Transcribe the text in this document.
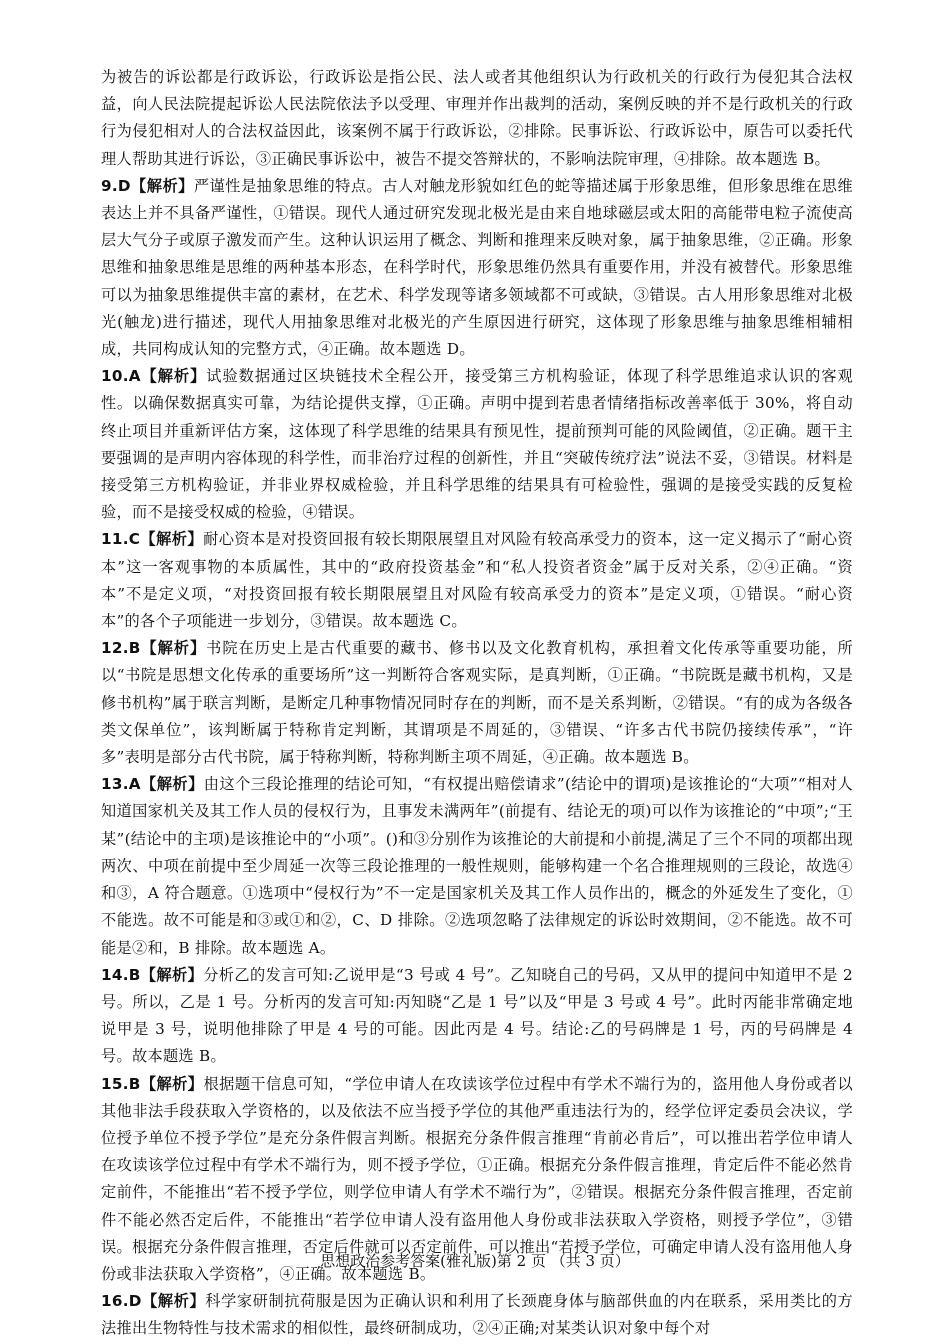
为被告的诉讼都是行政诉讼，行政诉讼是指公民、法人或者其他组织认为行政机关的行政行为侵犯其合法权益，向人民法院提起诉讼人民法院依法予以受理、审理并作出裁判的活动，案例反映的并不是行政机关的行政行为侵犯相对人的合法权益因此，该案例不属于行政诉讼，②排除。民事诉讼、行政诉讼中，原告可以委托代理人帮助其进行诉讼，③正确民事诉讼中，被告不提交答辩状的，不影响法院审理，④排除。故本题选 B。

9.D【解析】严谨性是抽象思维的特点。古人对触龙形貌如红色的蛇等描述属于形象思维，但形象思维在思维表达上并不具备严谨性，①错误。现代人通过研究发现北极光是由来自地球磁层或太阳的高能带电粒子流使高层大气分子或原子激发而产生。这种认识运用了概念、判断和推理来反映对象，属于抽象思维，②正确。形象思维和抽象思维是思维的两种基本形态，在科学时代，形象思维仍然具有重要作用，并没有被替代。形象思维可以为抽象思维提供丰富的素材，在艺术、科学发现等诸多领域都不可或缺，③错误。古人用形象思维对北极光(触龙)进行描述，现代人用抽象思维对北极光的产生原因进行研究，这体现了形象思维与抽象思维相辅相成，共同构成认知的完整方式，④正确。故本题选 D。

10.A【解析】试验数据通过区块链技术全程公开，接受第三方机构验证，体现了科学思维追求认识的客观性。以确保数据真实可靠，为结论提供支撑，①正确。声明中提到若患者情绪指标改善率低于 30%，将自动终止项目并重新评估方案，这体现了科学思维的结果具有预见性，提前预判可能的风险阈值，②正确。题干主要强调的是声明内容体现的科学性，而非治疗过程的创新性，并且“突破传统疗法”说法不妥，③错误。材料是接受第三方机构验证，并非业界权威检验，并且科学思维的结果具有可检验性，强调的是接受实践的反复检验，而不是接受权威的检验，④错误。

11.C【解析】耐心资本是对投资回报有较长期限展望且对风险有较高承受力的资本，这一定义揭示了“耐心资本”这一客观事物的本质属性，其中的“政府投资基金”和“私人投资者资金”属于反对关系，②④正确。“资本”不是定义项，“对投资回报有较长期限展望且对风险有较高承受力的资本”是定义项，①错误。“耐心资本”的各个子项能进一步划分，③错误。故本题选 C。

12.B【解析】书院在历史上是古代重要的藏书、修书以及文化教育机构，承担着文化传承等重要功能，所以“书院是思想文化传承的重要场所”这一判断符合客观实际，是真判断，①正确。“书院既是藏书机构，又是修书机构”属于联言判断，是断定几种事物情况同时存在的判断，而不是关系判断，②错误。“有的成为各级各类文保单位”，该判断属于特称肯定判断，其谓项是不周延的，③错误、“许多古代书院仍接续传承”，“许多”表明是部分古代书院，属于特称判断，特称判断主项不周延，④正确。故本题选 B。

13.A【解析】由这个三段论推理的结论可知，“有权提出赔偿请求”(结论中的谓项)是该推论的“大项”“相对人知道国家机关及其工作人员的侵权行为，且事发未满两年”(前提有、结论无的项)可以作为该推论的“中项”;“王某”(结论中的主项)是该推论中的“小项”。()和③分别作为该推论的大前提和小前提,满足了三个不同的项都出现两次、中项在前提中至少周延一次等三段论推理的一般性规则，能够构建一个名合推理规则的三段论，故选④和③，A 符合题意。①选项中“侵权行为”不一定是国家机关及其工作人员作出的，概念的外延发生了变化，①不能选。故不可能是和③或①和②，C、D 排除。②选项忽略了法律规定的诉讼时效期间，②不能选。故不可能是②和，B 排除。故本题选 A。

14.B【解析】分析乙的发言可知:乙说甲是“3 号或 4 号”。乙知晓自己的号码，又从甲的提问中知道甲不是 2 号。所以，乙是 1 号。分析丙的发言可知:丙知晓“乙是 1 号”以及“甲是 3 号或 4 号”。此时丙能非常确定地说甲是 3 号，说明他排除了甲是 4 号的可能。因此丙是 4 号。结论:乙的号码牌是 1 号，丙的号码牌是 4 号。故本题选 B。

15.B【解析】根据题干信息可知，“学位申请人在攻读该学位过程中有学术不端行为的，盗用他人身份或者以其他非法手段获取入学资格的，以及依法不应当授予学位的其他严重违法行为的，经学位评定委员会决议，学位授予单位不授予学位”是充分条件假言判断。根据充分条件假言推理“肯前必肯后”，可以推出若学位申请人在攻读该学位过程中有学术不端行为，则不授予学位，①正确。根据充分条件假言推理，肯定后件不能必然肯定前件，不能推出“若不授予学位，则学位申请人有学术不端行为”，②错误。根据充分条件假言推理，否定前件不能必然否定后件，不能推出“若学位申请人没有盗用他人身份或非法获取入学资格，则授予学位”，③错误。根据充分条件假言推理，否定后件就可以否定前件，可以推出“若授予学位，可确定申请人没有盗用他人身份或非法获取入学资格”，④正确。故本题选 B。

16.D【解析】科学家研制抗荷服是因为正确认识和利用了长颈鹿身体与脑部供血的内在联系，采用类比的方法推出生物特性与技术需求的相似性，最终研制成功，②④正确;对某类认识对象中每个对

思想政治参考答案(雅礼版)第 2 页 （共 3 页）
